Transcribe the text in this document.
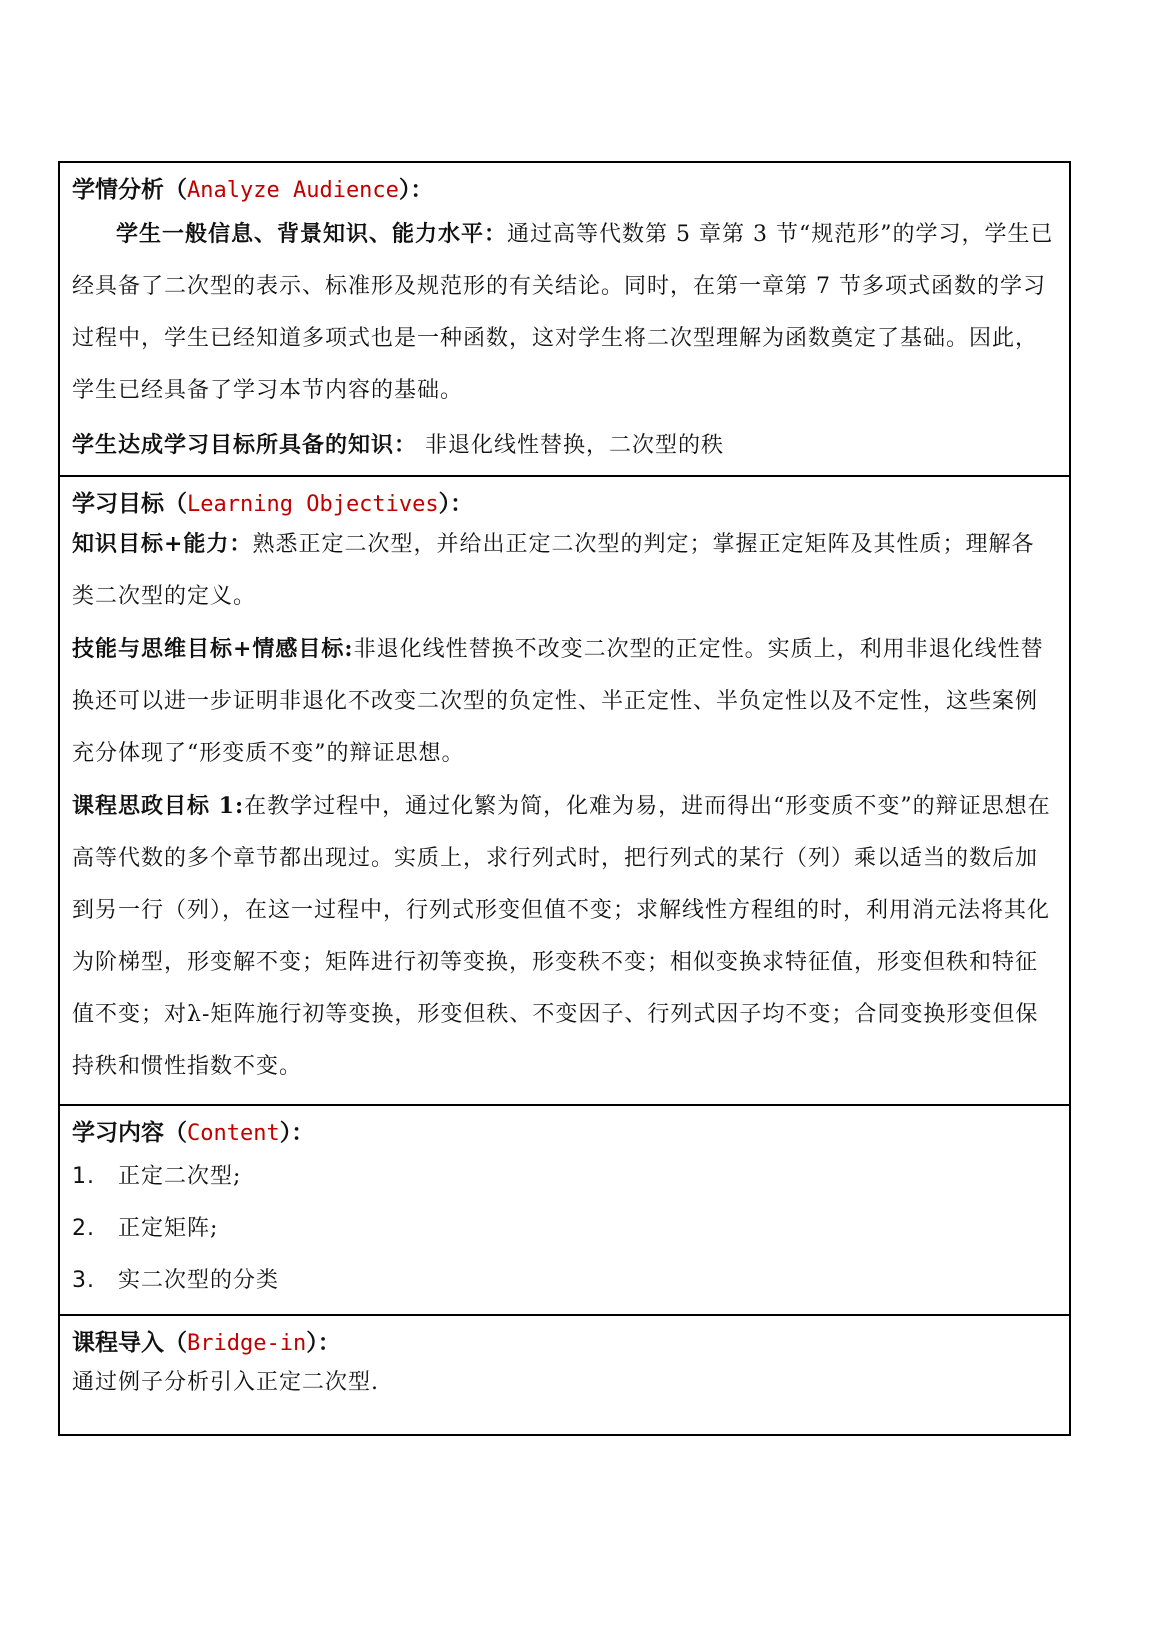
学情分析（Analyze Audience）：

学生一般信息、背景知识、能力水平：通过高等代数第 5 章第 3 节“规范形”的学习，学生已经具备了二次型的表示、标准形及规范形的有关结论。同时，在第一章第 7 节多项式函数的学习过程中，学生已经知道多项式也是一种函数，这对学生将二次型理解为函数奠定了基础。因此，学生已经具备了学习本节内容的基础。

学生达成学习目标所具备的知识： 非退化线性替换，二次型的秩

学习目标（Learning Objectives）：

知识目标+能力：熟悉正定二次型，并给出正定二次型的判定；掌握正定矩阵及其性质；理解各类二次型的定义。

技能与思维目标+情感目标:非退化线性替换不改变二次型的正定性。实质上，利用非退化线性替换还可以进一步证明非退化不改变二次型的负定性、半正定性、半负定性以及不定性，这些案例充分体现了“形变质不变”的辩证思想。

课程思政目标 1:在教学过程中，通过化繁为简，化难为易，进而得出“形变质不变”的辩证思想在高等代数的多个章节都出现过。实质上，求行列式时，把行列式的某行（列）乘以适当的数后加到另一行（列），在这一过程中，行列式形变但值不变；求解线性方程组的时，利用消元法将其化为阶梯型，形变解不变；矩阵进行初等变换，形变秩不变；相似变换求特征值，形变但秩和特征值不变；对λ-矩阵施行初等变换，形变但秩、不变因子、行列式因子均不变；合同变换形变但保持秩和惯性指数不变。

学习内容（Content）：
1. 正定二次型;
2. 正定矩阵;
3. 实二次型的分类
课程导入（Bridge-in）：

通过例子分析引入正定二次型.
